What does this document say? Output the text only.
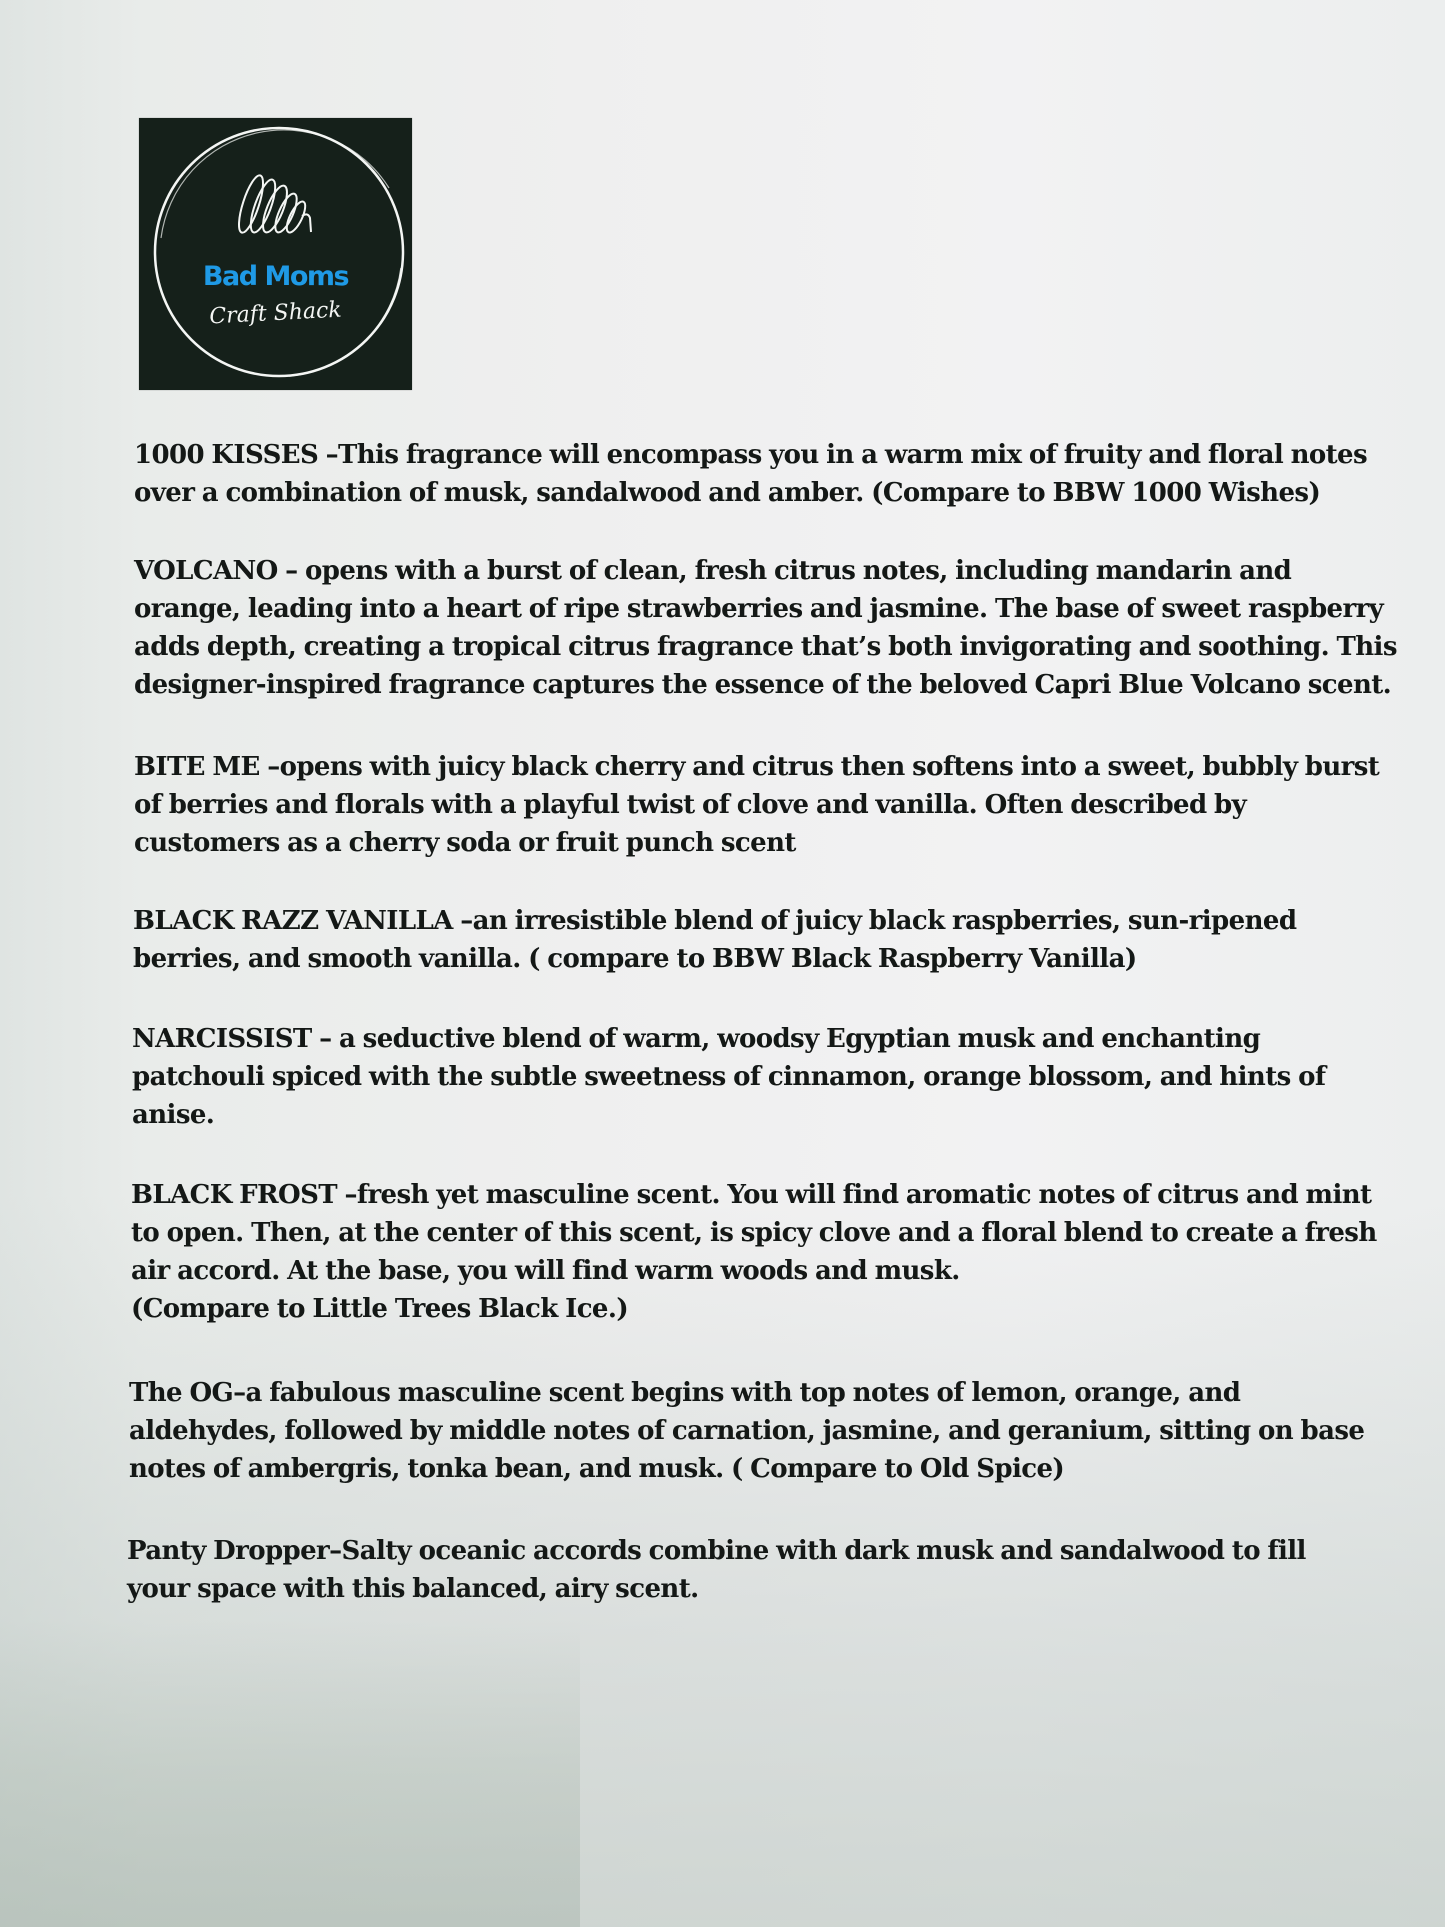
Bad Moms
Craft Shack

1000 KISSES –This fragrance will encompass you in a warm mix of fruity and floral notes
over a combination of musk, sandalwood and amber. (Compare to BBW 1000 Wishes)

VOLCANO – opens with a burst of clean, fresh citrus notes, including mandarin and
orange, leading into a heart of ripe strawberries and jasmine. The base of sweet raspberry
adds depth, creating a tropical citrus fragrance that’s both invigorating and soothing. This
designer-inspired fragrance captures the essence of the beloved Capri Blue Volcano scent.

BITE ME –opens with juicy black cherry and citrus then softens into a sweet, bubbly burst
of berries and florals with a playful twist of clove and vanilla. Often described by
customers as a cherry soda or fruit punch scent

BLACK RAZZ VANILLA –an irresistible blend of juicy black raspberries, sun-ripened
berries, and smooth vanilla. ( compare to BBW Black Raspberry Vanilla)

NARCISSIST – a seductive blend of warm, woodsy Egyptian musk and enchanting
patchouli spiced with the subtle sweetness of cinnamon, orange blossom, and hints of
anise.

BLACK FROST –fresh yet masculine scent. You will find aromatic notes of citrus and mint
to open. Then, at the center of this scent, is spicy clove and a floral blend to create a fresh
air accord. At the base, you will find warm woods and musk.
(Compare to Little Trees Black Ice.)

The OG–a fabulous masculine scent begins with top notes of lemon, orange, and
aldehydes, followed by middle notes of carnation, jasmine, and geranium, sitting on base
notes of ambergris, tonka bean, and musk. ( Compare to Old Spice)

Panty Dropper–Salty oceanic accords combine with dark musk and sandalwood to fill
your space with this balanced, airy scent.
